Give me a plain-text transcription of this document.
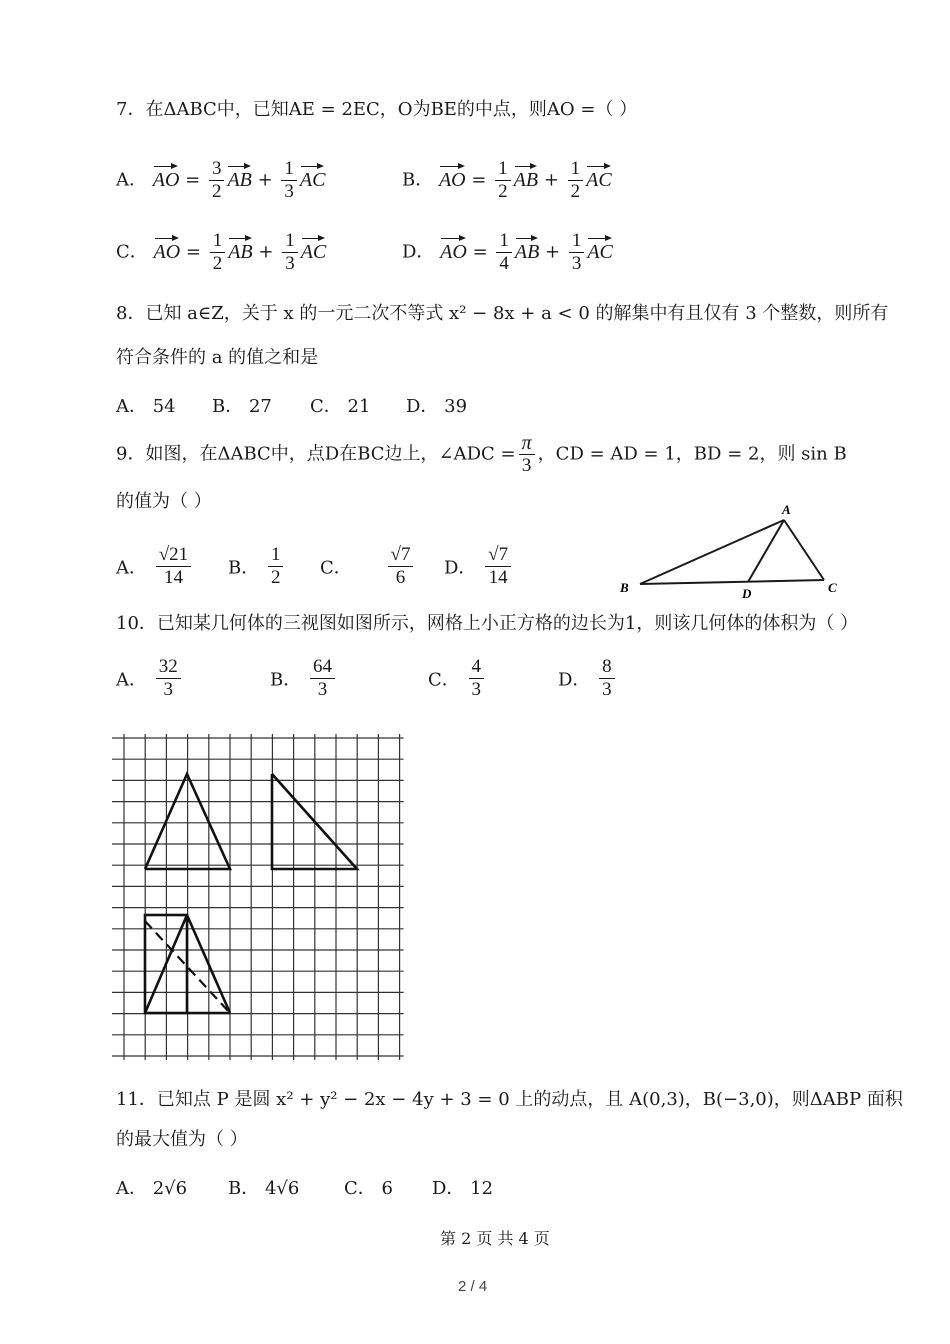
7．在ΔABC中，已知AE = 2EC，O为BE的中点，则AO =（ ）
A． AO = $\frac{3}{2}$ AB + $\frac{1}{3}$ AC	B． AO = $\frac{1}{2}$ AB + $\frac{1}{2}$ AC
C． AO = $\frac{1}{2}$ AB + $\frac{1}{3}$ AC	D． AO = $\frac{1}{4}$ AB + $\frac{1}{3}$ AC
8．已知 a∈Z，关于 x 的一元二次不等式 x² − 8x + a < 0 的解集中有且仅有 3 个整数，则所有
符合条件的 a 的值之和是
A． 54 B． 27 C． 21 D． 39
9．如图，在ΔABC中，点D在BC边上，∠ADC = $\frac{\pi}{3}$ ，CD = AD = 1，BD = 2，则 sin B
的值为（ ）
A． $\frac{√21}{14}$ B． $\frac{1}{2}$ C． $\frac{√7}{6}$ D． $\frac{√7}{14}$
A
B	C
D
10．已知某几何体的三视图如图所示，网格上小正方格的边长为1，则该几何体的体积为（ ）
A． $\frac{32}{3}$	B． $\frac{64}{3}$	C． $\frac{4}{3}$	D． $\frac{8}{3}$
11．已知点 P 是圆 x² + y² − 2x − 4y + 3 = 0 上的动点，且 A(0,3)，B(−3,0)，则ΔABP 面积
的最大值为（ ）
A． 2√6 B． 4√6 C． 6 D． 12
第 2 页 共 4 页
2 / 4
